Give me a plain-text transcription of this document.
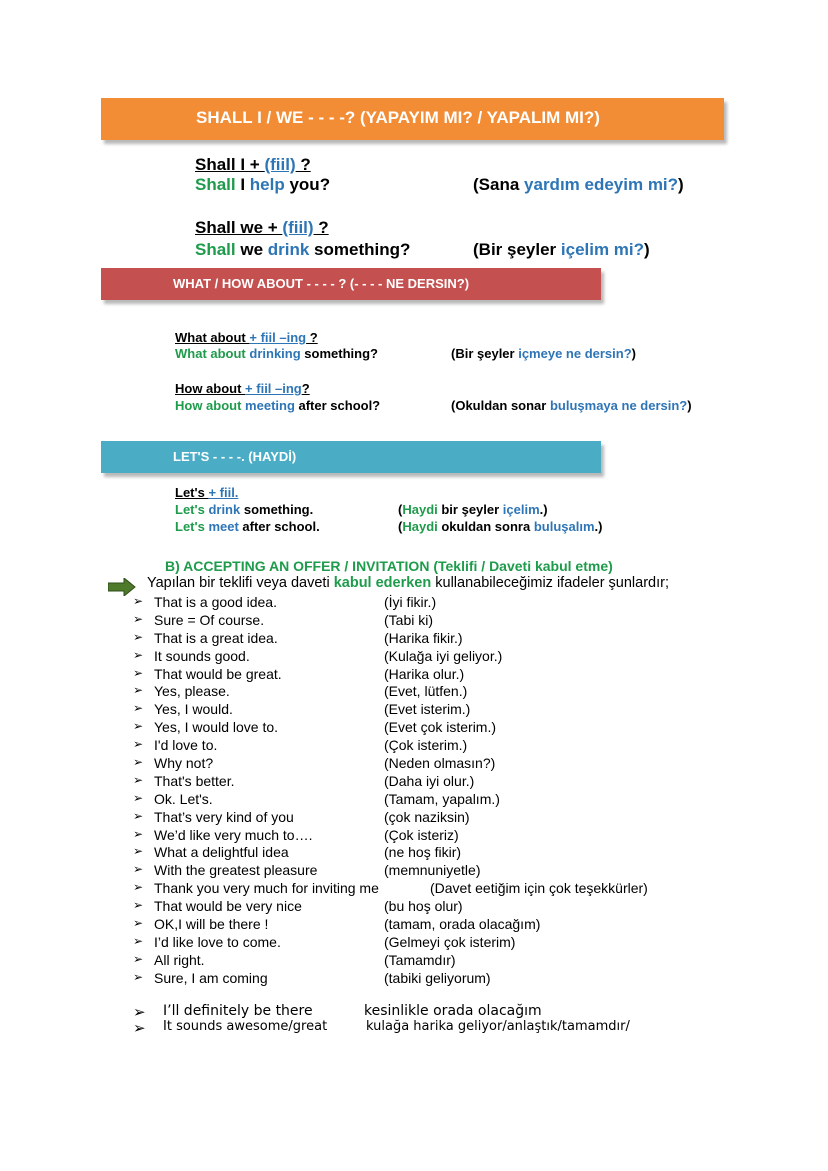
SHALL I / WE - - - -? (YAPAYIM MI? / YAPALIM MI?)
Shall I + (fiil) ?
Shall I help you?	(Sana yardım edeyim mi?)
Shall we + (fiil) ?
Shall we drink something?	(Bir şeyler içelim mi?)
WHAT / HOW ABOUT - - - - ? (- - - - NE DERSIN?)
What about + fiil –ing ?
What about drinking something?	(Bir şeyler içmeye ne dersin?)
How about + fiil –ing?
How about meeting after school?	(Okuldan sonar buluşmaya ne dersin?)
LET'S - - - -. (HAYDİ)
Let's + fiil.
Let's drink something.	(Haydi bir şeyler içelim.)
Let's meet after school.	(Haydi okuldan sonra buluşalım.)
B) ACCEPTING AN OFFER / INVITATION (Teklifi / Daveti kabul etme)
Yapılan bir teklifi veya daveti kabul ederken kullanabileceğimiz ifadeler şunlardır;
➢ That is a good idea.	(İyi fikir.)
➢ Sure = Of course.	(Tabi ki)
➢ That is a great idea.	(Harika fikir.)
➢ It sounds good.	(Kulağa iyi geliyor.)
➢ That would be great.	(Harika olur.)
➢ Yes, please.	(Evet, lütfen.)
➢ Yes, I would.	(Evet isterim.)
➢ Yes, I would love to.	(Evet çok isterim.)
➢ I'd love to.	(Çok isterim.)
➢ Why not?	(Neden olmasın?)
➢ That's better.	(Daha iyi olur.)
➢ Ok. Let's.	(Tamam, yapalım.)
➢ That’s very kind of you	(çok naziksin)
➢ We’d like very much to….	(Çok isteriz)
➢ What a delightful idea	(ne hoş fikir)
➢ With the greatest pleasure	(memnuniyetle)
➢ Thank you very much for inviting me	(Davet eetiğim için çok teşekkürler)
➢ That would be very nice	(bu hoş olur)
➢ OK,I will be there !	(tamam, orada olacağım)
➢ I’d like love to come.	(Gelmeyi çok isterim)
➢ All right.	(Tamamdır)
➢ Sure, I am coming	(tabiki geliyorum)
➢ I’ll definitely be there	kesinlikle orada olacağım
➢ It sounds awesome/great	kulağa harika geliyor/anlaştık/tamamdır/
